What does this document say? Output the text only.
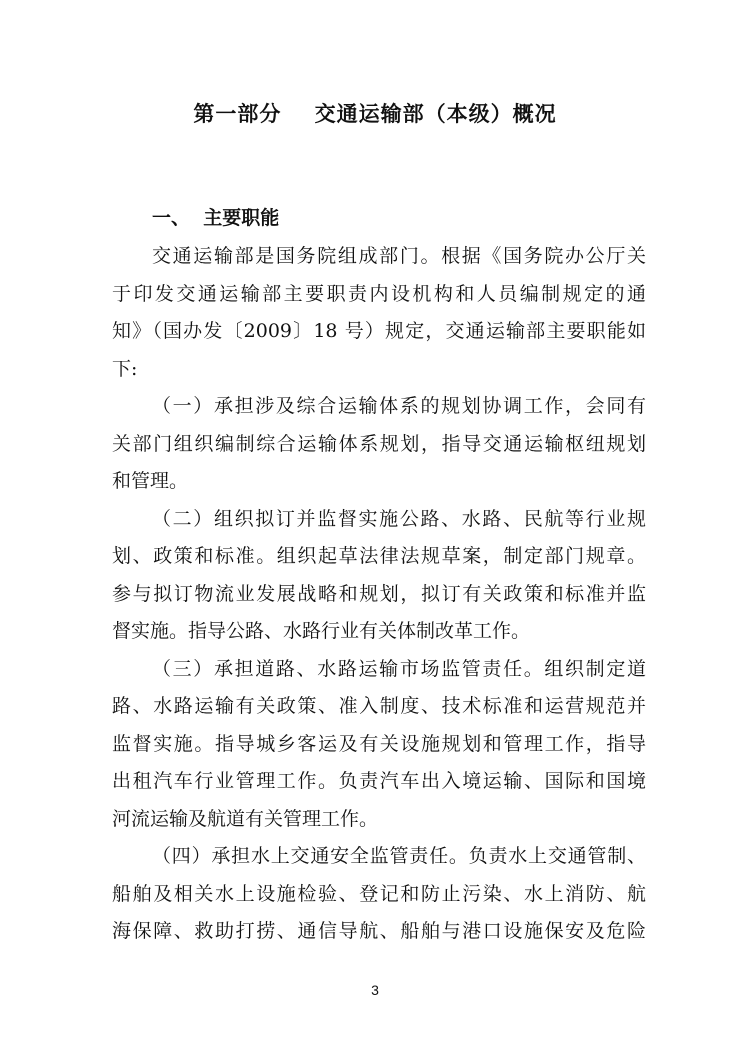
第一部分    交通运输部（本级）概况
一、  主要职能
交通运输部是国务院组成部门。根据《国务院办公厅关
于印发交通运输部主要职责内设机构和人员编制规定的通
知》（国办发〔2009〕18 号）规定，交通运输部主要职能如
下:
（一）承担涉及综合运输体系的规划协调工作，会同有
关部门组织编制综合运输体系规划，指导交通运输枢纽规划
和管理。
（二）组织拟订并监督实施公路、水路、民航等行业规
划、政策和标准。组织起草法律法规草案，制定部门规章。
参与拟订物流业发展战略和规划，拟订有关政策和标准并监
督实施。指导公路、水路行业有关体制改革工作。
（三）承担道路、水路运输市场监管责任。组织制定道
路、水路运输有关政策、准入制度、技术标准和运营规范并
监督实施。指导城乡客运及有关设施规划和管理工作，指导
出租汽车行业管理工作。负责汽车出入境运输、国际和国境
河流运输及航道有关管理工作。
（四）承担水上交通安全监管责任。负责水上交通管制、
船舶及相关水上设施检验、登记和防止污染、水上消防、航
海保障、救助打捞、通信导航、船舶与港口设施保安及危险
3
